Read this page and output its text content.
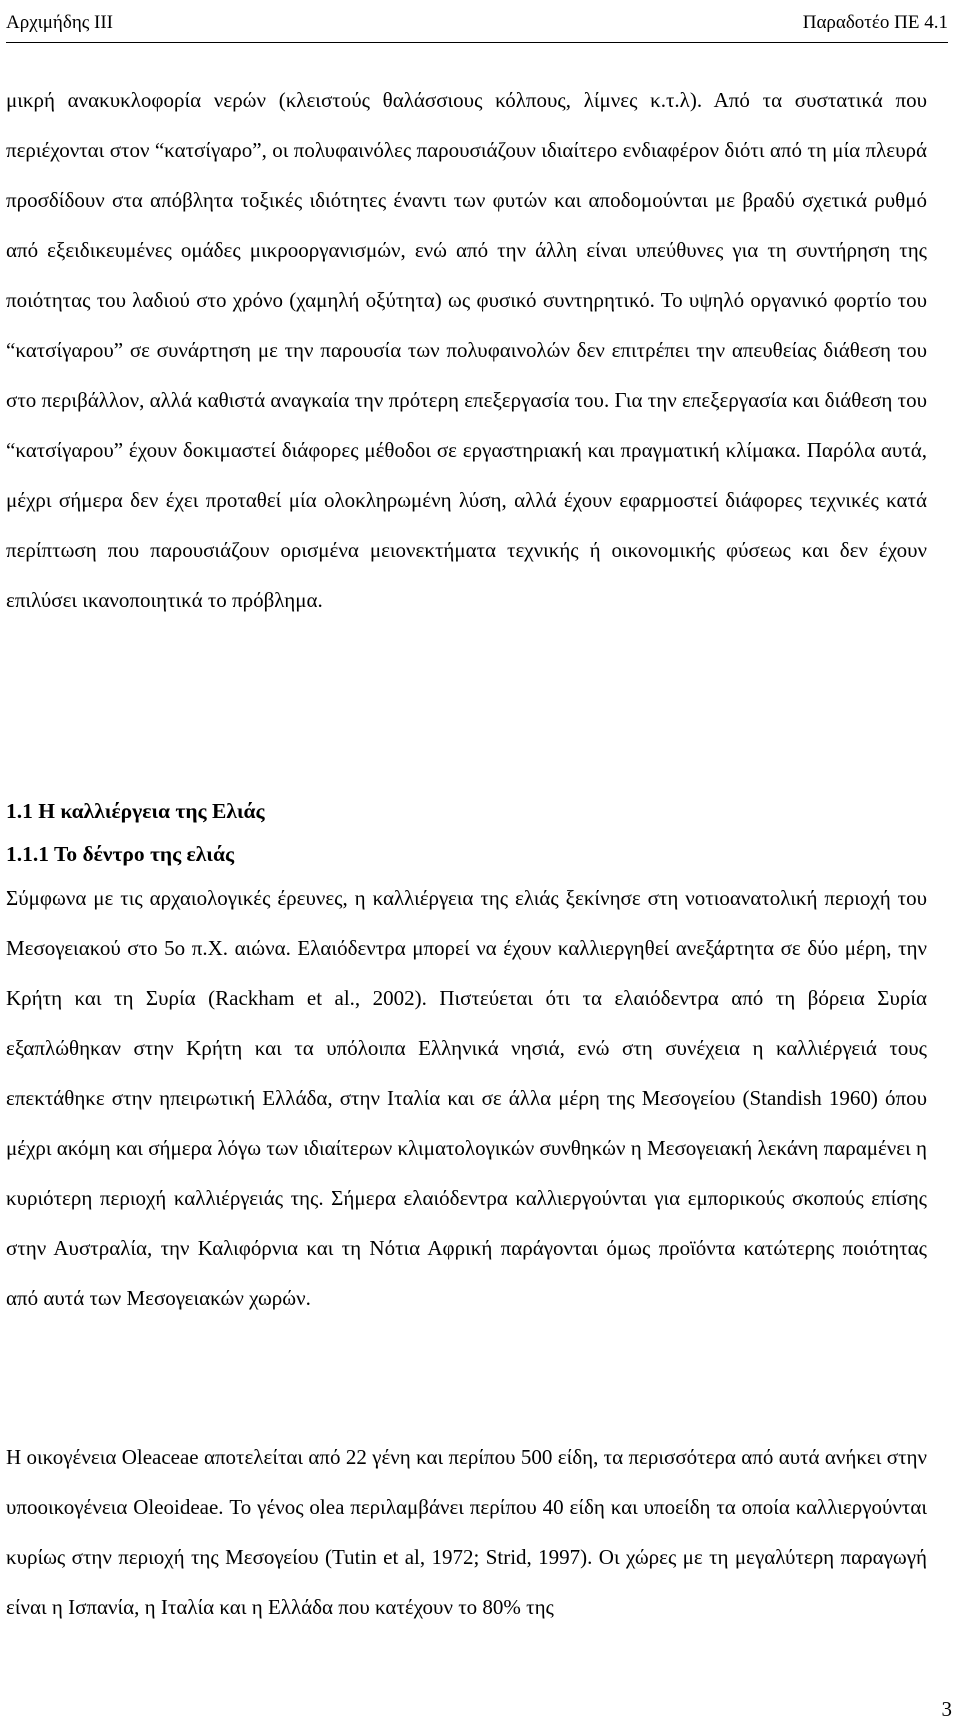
Αρχιμήδης ΙΙΙ	Παραδοτέο ΠΕ 4.1

μικρή ανακυκλοφορία νερών (κλειστούς θαλάσσιους κόλπους, λίμνες κ.τ.λ). Από τα συστατικά που περιέχονται στον “κατσίγαρο”, οι πολυφαινόλες παρουσιάζουν ιδιαίτερο ενδιαφέρον διότι από τη μία πλευρά προσδίδουν στα απόβλητα τοξικές ιδιότητες έναντι των φυτών και αποδομούνται με βραδύ σχετικά ρυθμό από εξειδικευμένες ομάδες μικροοργανισμών, ενώ από την άλλη είναι υπεύθυνες για τη συντήρηση της ποιότητας του λαδιού στο χρόνο (χαμηλή οξύτητα) ως φυσικό συντηρητικό. Το υψηλό οργανικό φορτίο του “κατσίγαρου” σε συνάρτηση με την παρουσία των πολυφαινολών δεν επιτρέπει την απευθείας διάθεση του στο περιβάλλον, αλλά καθιστά αναγκαία την πρότερη επεξεργασία του. Για την επεξεργασία και διάθεση του “κατσίγαρου” έχουν δοκιμαστεί διάφορες μέθοδοι σε εργαστηριακή και πραγματική κλίμακα. Παρόλα αυτά, μέχρι σήμερα δεν έχει προταθεί μία ολοκληρωμένη λύση, αλλά έχουν εφαρμοστεί διάφορες τεχνικές κατά περίπτωση που παρουσιάζουν ορισμένα μειονεκτήματα τεχνικής ή οικονομικής φύσεως και δεν έχουν επιλύσει ικανοποιητικά το πρόβλημα.

1.1 Η καλλιέργεια της Ελιάς
1.1.1 Το δέντρο της ελιάς

Σύμφωνα με τις αρχαιολογικές έρευνες, η καλλιέργεια της ελιάς ξεκίνησε στη νοτιοανατολική περιοχή του Μεσογειακού στο 5ο π.Χ. αιώνα. Ελαιόδεντρα μπορεί να έχουν καλλιεργηθεί ανεξάρτητα σε δύο μέρη, την Κρήτη και τη Συρία (Rackham et al., 2002). Πιστεύεται ότι τα ελαιόδεντρα από τη βόρεια Συρία εξαπλώθηκαν στην Κρήτη και τα υπόλοιπα Ελληνικά νησιά, ενώ στη συνέχεια η καλλιέργειά τους επεκτάθηκε στην ηπειρωτική Ελλάδα, στην Ιταλία και σε άλλα μέρη της Μεσογείου (Standish 1960) όπου μέχρι ακόμη και σήμερα λόγω των ιδιαίτερων κλιματολογικών συνθηκών η Μεσογειακή λεκάνη παραμένει η κυριότερη περιοχή καλλιέργειάς της. Σήμερα ελαιόδεντρα καλλιεργούνται για εμπορικούς σκοπούς επίσης στην Αυστραλία, την Καλιφόρνια και τη Νότια Αφρική παράγονται όμως προϊόντα κατώτερης ποιότητας από αυτά των Μεσογειακών χωρών.

Η οικογένεια Oleaceae αποτελείται από 22 γένη και περίπου 500 είδη, τα περισσότερα από αυτά ανήκει στην υποοικογένεια Oleoideae. Το γένος olea περιλαμβάνει περίπου 40 είδη και υποείδη τα οποία καλλιεργούνται κυρίως στην περιοχή της Μεσογείου (Tutin et al, 1972; Strid, 1997). Οι χώρες με τη μεγαλύτερη παραγωγή είναι η Ισπανία, η Ιταλία και η Ελλάδα που κατέχουν το 80% της

3
